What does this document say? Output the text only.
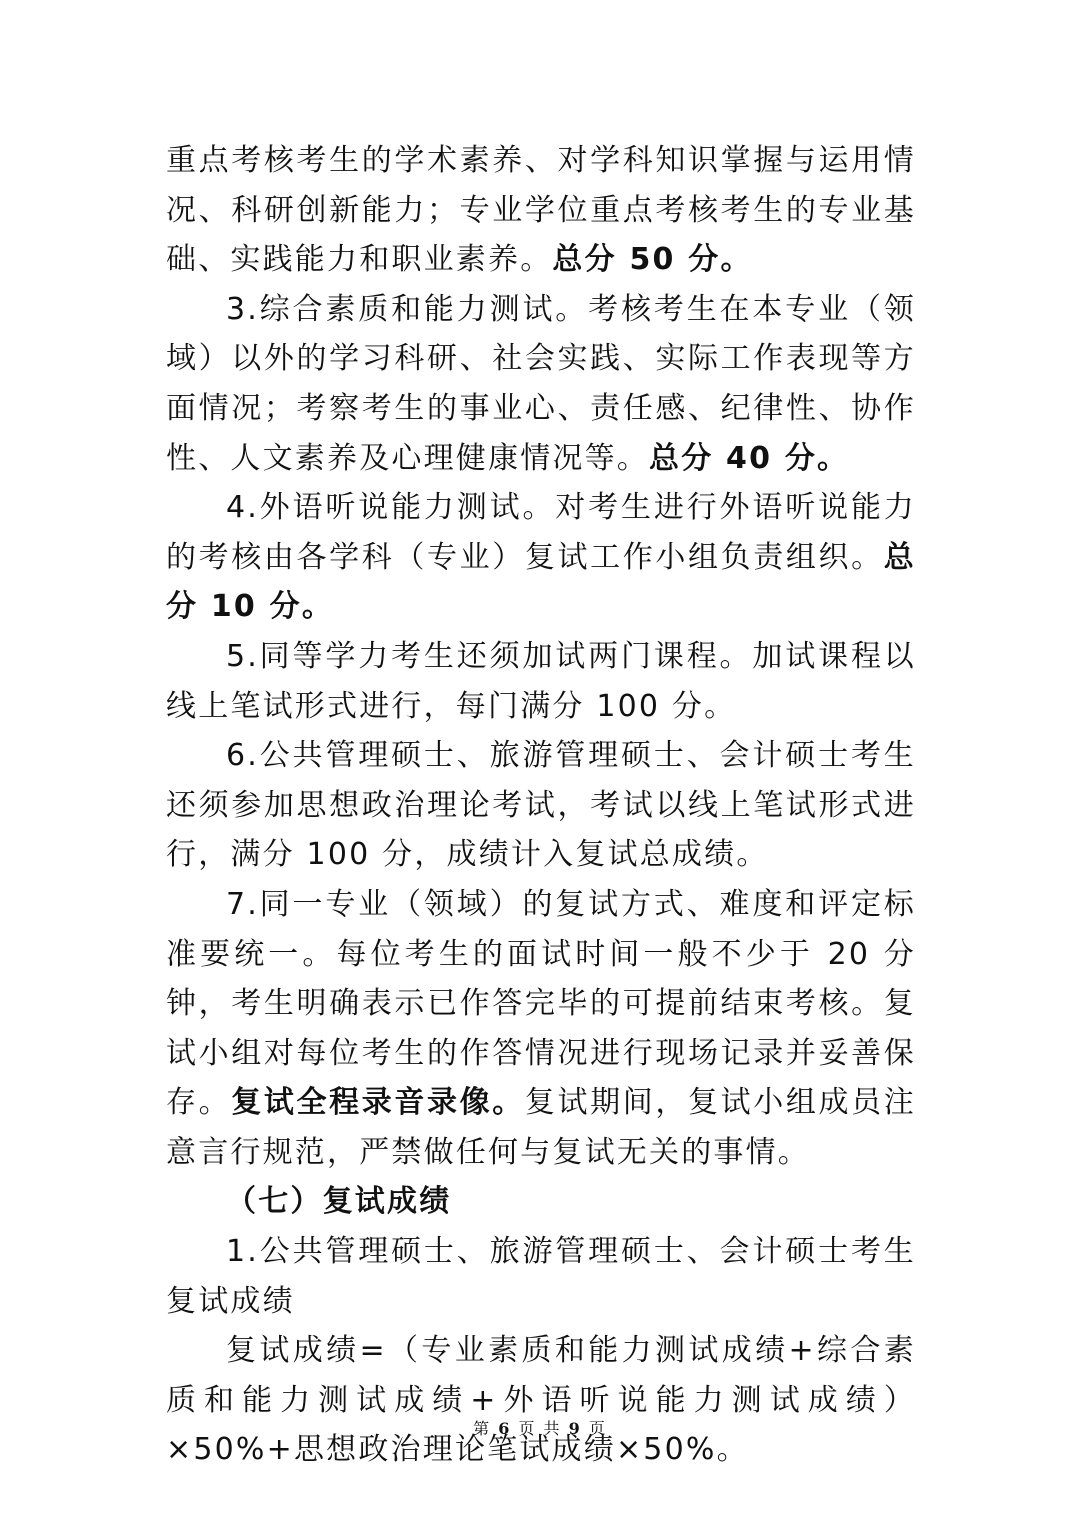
重点考核考生的学术素养、对学科知识掌握与运用情况、科研创新能力；专业学位重点考核考生的专业基础、实践能力和职业素养。总分 50 分。

3.综合素质和能力测试。考核考生在本专业（领域）以外的学习科研、社会实践、实际工作表现等方面情况；考察考生的事业心、责任感、纪律性、协作性、人文素养及心理健康情况等。总分 40 分。

4.外语听说能力测试。对考生进行外语听说能力的考核由各学科（专业）复试工作小组负责组织。总分 10 分。

5.同等学力考生还须加试两门课程。加试课程以线上笔试形式进行，每门满分 100 分。

6.公共管理硕士、旅游管理硕士、会计硕士考生还须参加思想政治理论考试，考试以线上笔试形式进行，满分 100 分，成绩计入复试总成绩。

7.同一专业（领域）的复试方式、难度和评定标准要统一。每位考生的面试时间一般不少于 20 分钟，考生明确表示已作答完毕的可提前结束考核。复试小组对每位考生的作答情况进行现场记录并妥善保存。复试全程录音录像。复试期间，复试小组成员注意言行规范，严禁做任何与复试无关的事情。

（七）复试成绩

1.公共管理硕士、旅游管理硕士、会计硕士考生复试成绩

复试成绩=（专业素质和能力测试成绩+综合素质和能力测试成绩+外语听说能力测试成绩）×50%+思想政治理论笔试成绩×50%。

第 6 页 共 9 页
